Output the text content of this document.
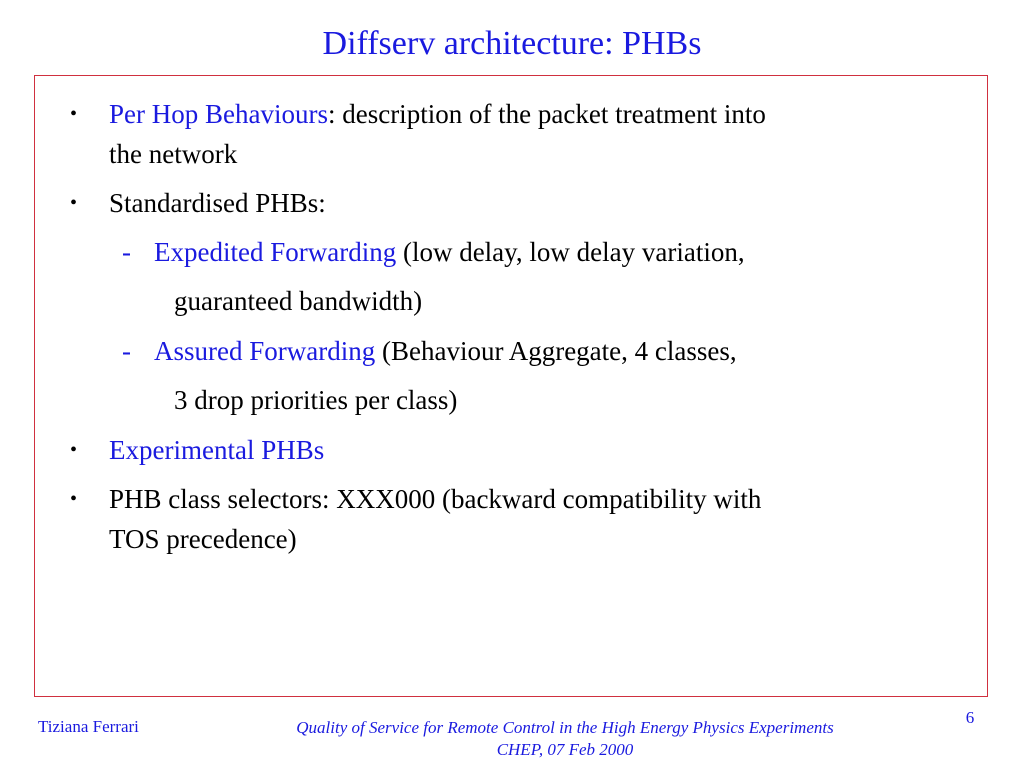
Diffserv architecture: PHBs
• Per Hop Behaviours: description of the packet treatment into
the network
• Standardised PHBs:
- Expedited Forwarding (low delay, low delay variation,
guaranteed bandwidth)
- Assured Forwarding (Behaviour Aggregate, 4 classes,
3 drop priorities per class)
• Experimental PHBs
• PHB class selectors: XXX000 (backward compatibility with
TOS precedence)
Tiziana Ferrari	Quality of Service for Remote Control in the High Energy Physics Experiments
CHEP, 07 Feb 2000
6
